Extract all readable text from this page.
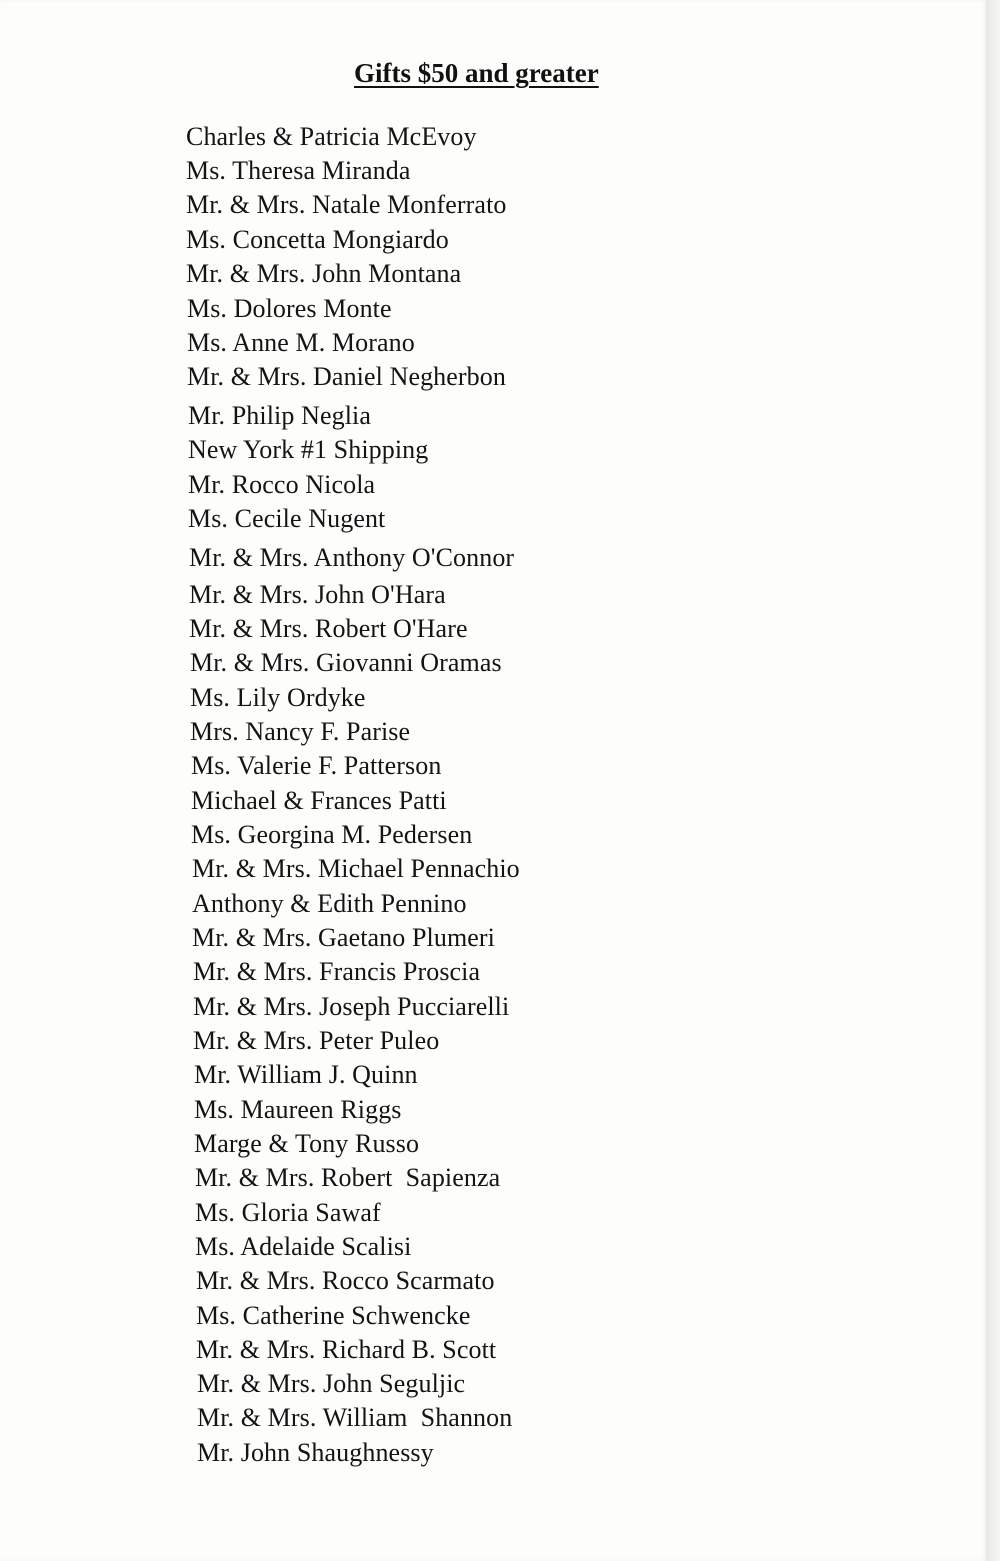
Gifts $50 and greater
Charles & Patricia McEvoy
Ms. Theresa Miranda
Mr. & Mrs. Natale Monferrato
Ms. Concetta Mongiardo
Mr. & Mrs. John Montana
Ms. Dolores Monte
Ms. Anne M. Morano
Mr. & Mrs. Daniel Negherbon
Mr. Philip Neglia
New York #1 Shipping
Mr. Rocco Nicola
Ms. Cecile Nugent
Mr. & Mrs. Anthony O'Connor
Mr. & Mrs. John O'Hara
Mr. & Mrs. Robert O'Hare
Mr. & Mrs. Giovanni Oramas
Ms. Lily Ordyke
Mrs. Nancy F. Parise
Ms. Valerie F. Patterson
Michael & Frances Patti
Ms. Georgina M. Pedersen
Mr. & Mrs. Michael Pennachio
Anthony & Edith Pennino
Mr. & Mrs. Gaetano Plumeri
Mr. & Mrs. Francis Proscia
Mr. & Mrs. Joseph Pucciarelli
Mr. & Mrs. Peter Puleo
Mr. William J. Quinn
Ms. Maureen Riggs
Marge & Tony Russo
Mr. & Mrs. Robert  Sapienza
Ms. Gloria Sawaf
Ms. Adelaide Scalisi
Mr. & Mrs. Rocco Scarmato
Ms. Catherine Schwencke
Mr. & Mrs. Richard B. Scott
Mr. & Mrs. John Seguljic
Mr. & Mrs. William  Shannon
Mr. John Shaughnessy
